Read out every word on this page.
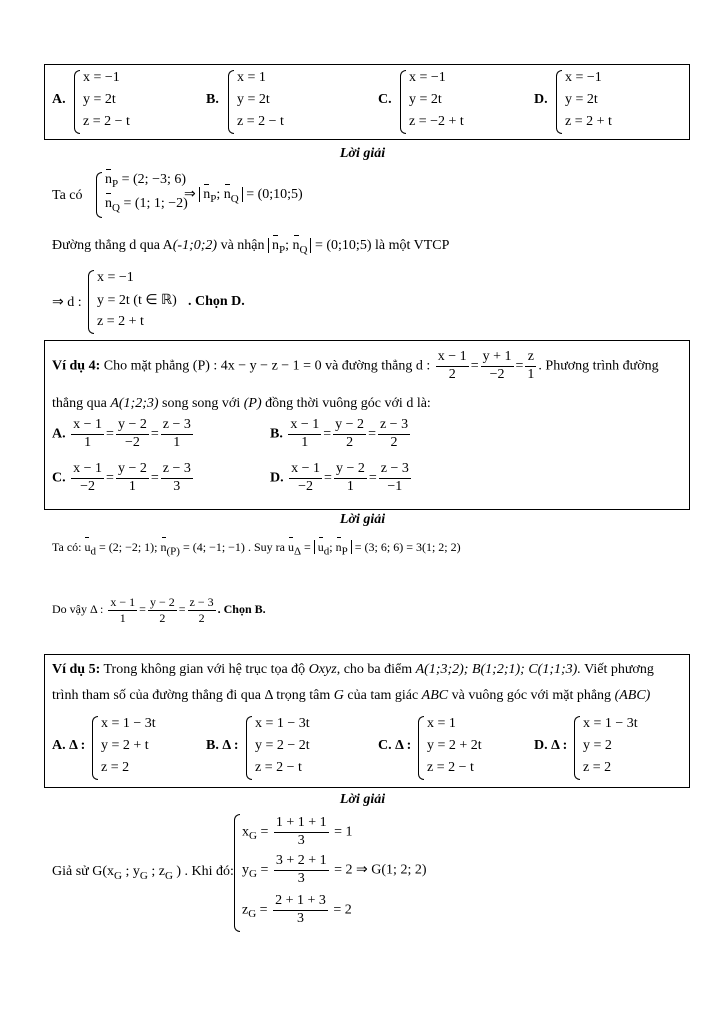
A.
x = −1
y = 2t
z = 2 − t
B.
x = 1
y = 2t
z = 2 − t
C.
x = −1
y = 2t
z = −2 + t
D.
x = −1
y = 2t
z = 2 + t
Lời giải
Ta có
$n_P = (2$; −3; 6)
$n_Q = (1$; 1; −2)
⇒ $n_P$; $n_Q$ = (0;10;5)
Đường thẳng d qua A(-1;0;2) và nhận $n_P$; $n_Q$ = (0;10;5) là một VTCP
⇒ d :
x = −1
y = 2t (t ∈ ℝ)
z = 2 + t
. Chọn D.
Ví dụ 4: Cho mặt phẳng (P) : 4x − y − z − 1 = 0 và đường thẳng d : $\frac{x - 1}{2} = \frac{y + 1}{-2} = \frac{z}{1}$ . Phương trình đường
thẳng qua A(1;2;3) song song với (P) đồng thời vuông góc với d là:
A. $\frac{x - 1}{1} = \frac{y - 2}{-2} = \frac{z - 3}{1}$	B. $\frac{x - 1}{1} = \frac{y - 2}{2} = \frac{z - 3}{2}$
C. $\frac{x - 1}{-2} = \frac{y - 2}{1} = \frac{z - 3}{3}$	D. $\frac{x - 1}{-2} = \frac{y - 2}{1} = \frac{z - 3}{-1}$
Lời giải
Ta có: $u_d = (2$; −2; 1); $n_{(P)} = (4$; −1; −1) . Suy ra $u_\Delta = u_d$; $n_P = (3$; 6; 6) = 3(1; 2; 2)
Do vậy Δ : $\frac{x - 1}{1} = \frac{y - 2}{2} = \frac{z - 3}{2}$ . Chọn B.
Ví dụ 5: Trong không gian với hệ trục tọa độ Oxyz, cho ba điểm A(1;3;2); B(1;2;1); C(1;1;3). Viết phương
trình tham số của đường thẳng đi qua Δ trọng tâm G của tam giác ABC và vuông góc với mặt phẳng (ABC)
A. Δ :
x = 1 − 3t
y = 2 + t
z = 2
B. Δ :
x = 1 − 3t
y = 2 − 2t
z = 2 − t
C. Δ :
x = 1
y = 2 + 2t
z = 2 − t
D. Δ :
x = 1 − 3t
y = 2
z = 2
Lời giải
Giả sử $G(x_G$ ; $y_G$ ; $z_G$ ) . Khi đó:
$x_G = \frac{1 + 1 + 1}{3} = 1$
$y_G = \frac{3 + 2 + 1}{3} = 2$ ⇒ G(1; 2; 2)
$z_G = \frac{2 + 1 + 3}{3} = 2$
